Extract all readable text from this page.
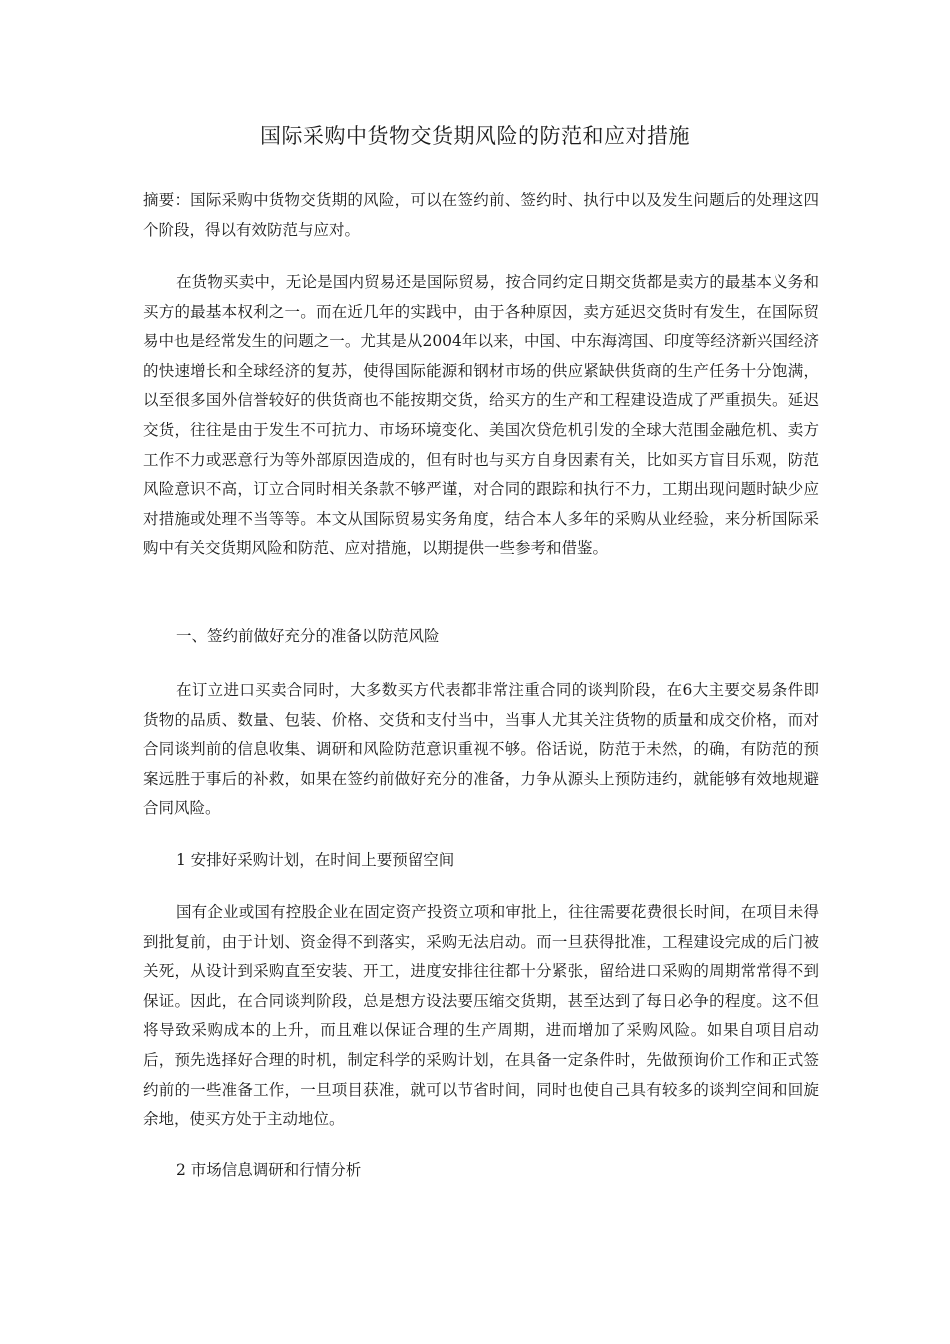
国际采购中货物交货期风险的防范和应对措施

摘要：国际采购中货物交货期的风险，可以在签约前、签约时、执行中以及发生问题后的处理这四个阶段，得以有效防范与应对。

在货物买卖中，无论是国内贸易还是国际贸易，按合同约定日期交货都是卖方的最基本义务和买方的最基本权利之一。而在近几年的实践中，由于各种原因，卖方延迟交货时有发生，在国际贸易中也是经常发生的问题之一。尤其是从2004年以来，中国、中东海湾国、印度等经济新兴国经济的快速增长和全球经济的复苏，使得国际能源和钢材市场的供应紧缺供货商的生产任务十分饱满，以至很多国外信誉较好的供货商也不能按期交货，给买方的生产和工程建设造成了严重损失。延迟交货，往往是由于发生不可抗力、市场环境变化、美国次贷危机引发的全球大范围金融危机、卖方工作不力或恶意行为等外部原因造成的，但有时也与买方自身因素有关，比如买方盲目乐观，防范风险意识不高，订立合同时相关条款不够严谨，对合同的跟踪和执行不力，工期出现问题时缺少应对措施或处理不当等等。本文从国际贸易实务角度，结合本人多年的采购从业经验，来分析国际采购中有关交货期风险和防范、应对措施，以期提供一些参考和借鉴。

一、签约前做好充分的准备以防范风险

在订立进口买卖合同时，大多数买方代表都非常注重合同的谈判阶段，在6大主要交易条件即货物的品质、数量、包装、价格、交货和支付当中，当事人尤其关注货物的质量和成交价格，而对合同谈判前的信息收集、调研和风险防范意识重视不够。俗话说，防范于未然，的确，有防范的预案远胜于事后的补救，如果在签约前做好充分的准备，力争从源头上预防违约，就能够有效地规避合同风险。

1 安排好采购计划，在时间上要预留空间

国有企业或国有控股企业在固定资产投资立项和审批上，往往需要花费很长时间，在项目未得到批复前，由于计划、资金得不到落实，采购无法启动。而一旦获得批准，工程建设完成的后门被关死，从设计到采购直至安装、开工，进度安排往往都十分紧张，留给进口采购的周期常常得不到保证。因此，在合同谈判阶段，总是想方设法要压缩交货期，甚至达到了每日必争的程度。这不但将导致采购成本的上升，而且难以保证合理的生产周期，进而增加了采购风险。如果自项目启动后，预先选择好合理的时机，制定科学的采购计划，在具备一定条件时，先做预询价工作和正式签约前的一些准备工作，一旦项目获准，就可以节省时间，同时也使自己具有较多的谈判空间和回旋余地，使买方处于主动地位。

2 市场信息调研和行情分析
